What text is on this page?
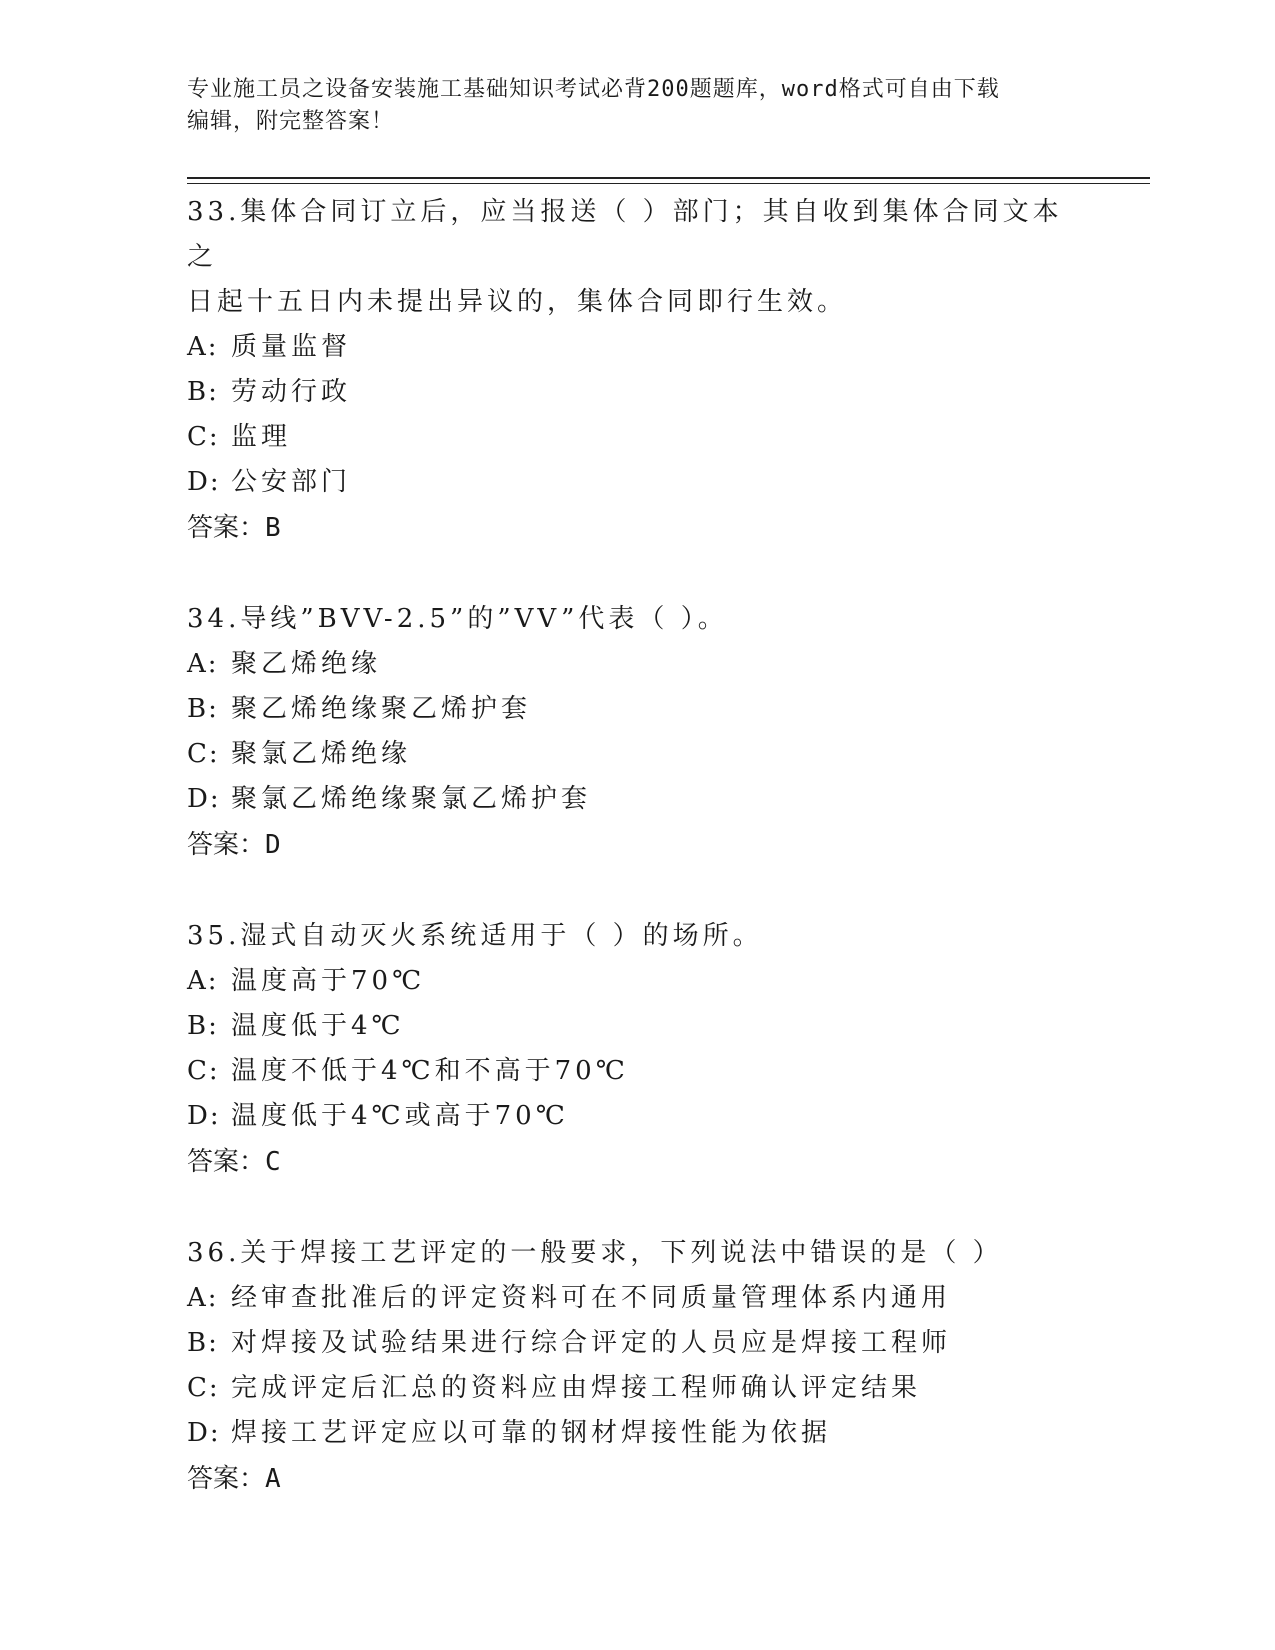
专业施工员之设备安装施工基础知识考试必背200题题库，word格式可自由下载
编辑，附完整答案！

33.集体合同订立后，应当报送（ ）部门；其自收到集体合同文本之

日起十五日内未提出异议的，集体合同即行生效。

A: 质量监督

B: 劳动行政

C: 监理

D: 公安部门

答案：B

34.导线”BVV-2.5”的”VV”代表（ ）。

A: 聚乙烯绝缘

B: 聚乙烯绝缘聚乙烯护套

C: 聚氯乙烯绝缘

D: 聚氯乙烯绝缘聚氯乙烯护套

答案：D

35.湿式自动灭火系统适用于（ ）的场所。

A: 温度高于70℃

B: 温度低于4℃

C: 温度不低于4℃和不高于70℃

D: 温度低于4℃或高于70℃

答案：C

36.关于焊接工艺评定的一般要求，下列说法中错误的是（ ）

A: 经审查批准后的评定资料可在不同质量管理体系内通用

B: 对焊接及试验结果进行综合评定的人员应是焊接工程师

C: 完成评定后汇总的资料应由焊接工程师确认评定结果

D: 焊接工艺评定应以可靠的钢材焊接性能为依据

答案：A
